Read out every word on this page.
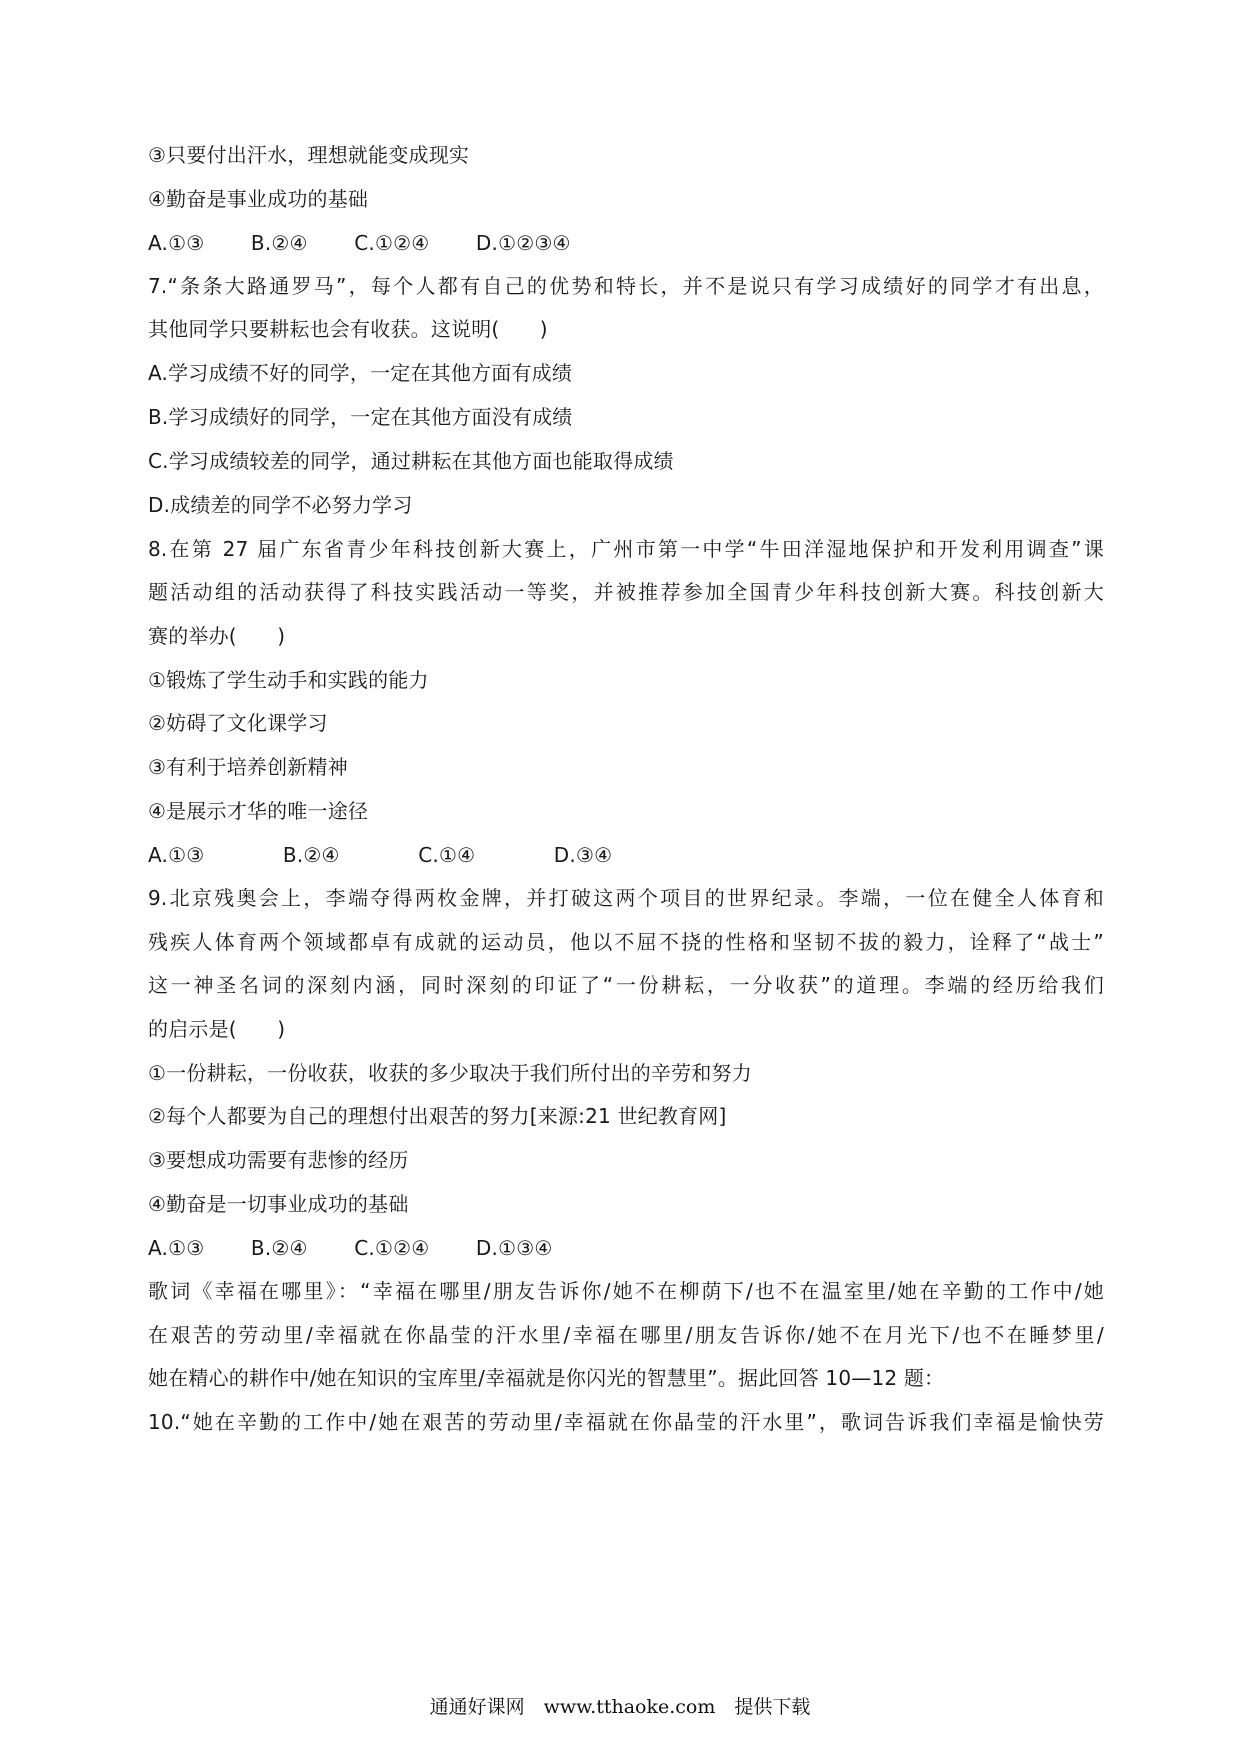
③只要付出汗水，理想就能变成现实
④勤奋是事业成功的基础
A.①③ B.②④ C.①②④ D.①②③④
7.“条条大路通罗马”，每个人都有自己的优势和特长，并不是说只有学习成绩好的同学才有出息，
其他同学只要耕耘也会有收获。这说明(　　)
A.学习成绩不好的同学，一定在其他方面有成绩
B.学习成绩好的同学，一定在其他方面没有成绩
C.学习成绩较差的同学，通过耕耘在其他方面也能取得成绩
D.成绩差的同学不必努力学习
8.在第 27 届广东省青少年科技创新大赛上，广州市第一中学“牛田洋湿地保护和开发利用调查”课
题活动组的活动获得了科技实践活动一等奖，并被推荐参加全国青少年科技创新大赛。科技创新大
赛的举办(　　)
①锻炼了学生动手和实践的能力
②妨碍了文化课学习
③有利于培养创新精神
④是展示才华的唯一途径
A.①③	B.②④	C.①④	D.③④
9.北京残奥会上，李端夺得两枚金牌，并打破这两个项目的世界纪录。李端，一位在健全人体育和
残疾人体育两个领域都卓有成就的运动员，他以不屈不挠的性格和坚韧不拔的毅力，诠释了“战士”
这一神圣名词的深刻内涵，同时深刻的印证了“一份耕耘，一分收获”的道理。李端的经历给我们
的启示是(　　)
①一份耕耘，一份收获，收获的多少取决于我们所付出的辛劳和努力
②每个人都要为自己的理想付出艰苦的努力[来源:21 世纪教育网]
③要想成功需要有悲惨的经历
④勤奋是一切事业成功的基础
A.①③ B.②④ C.①②④ D.①③④
歌词《幸福在哪里》：“幸福在哪里/朋友告诉你/她不在柳荫下/也不在温室里/她在辛勤的工作中/她
在艰苦的劳动里/幸福就在你晶莹的汗水里/幸福在哪里/朋友告诉你/她不在月光下/也不在睡梦里/
她在精心的耕作中/她在知识的宝库里/幸福就是你闪光的智慧里”。据此回答 10—12 题：
10.“她在辛勤的工作中/她在艰苦的劳动里/幸福就在你晶莹的汗水里”，歌词告诉我们幸福是愉快劳
通通好课网　www.tthaoke.com　提供下载
